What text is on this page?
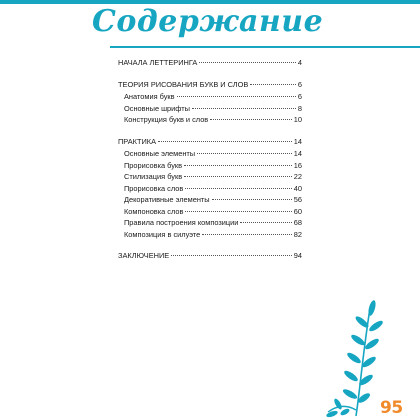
Содержание
НАЧАЛА ЛЕТТЕРИНГА	4
ТЕОРИЯ РИСОВАНИЯ БУКВ И СЛОВ	6
Анатомия букв	6
Основные шрифты	8
Конструкция букв и слов	10
ПРАКТИКА	14
Основные элементы	14
Прорисовка букв	16
Стилизация букв	22
Прорисовка слов	40
Декоративные элементы	56
Компоновка слов	60
Правила построения композиции	68
Композиция в силуэте	82
ЗАКЛЮЧЕНИЕ	94
95
